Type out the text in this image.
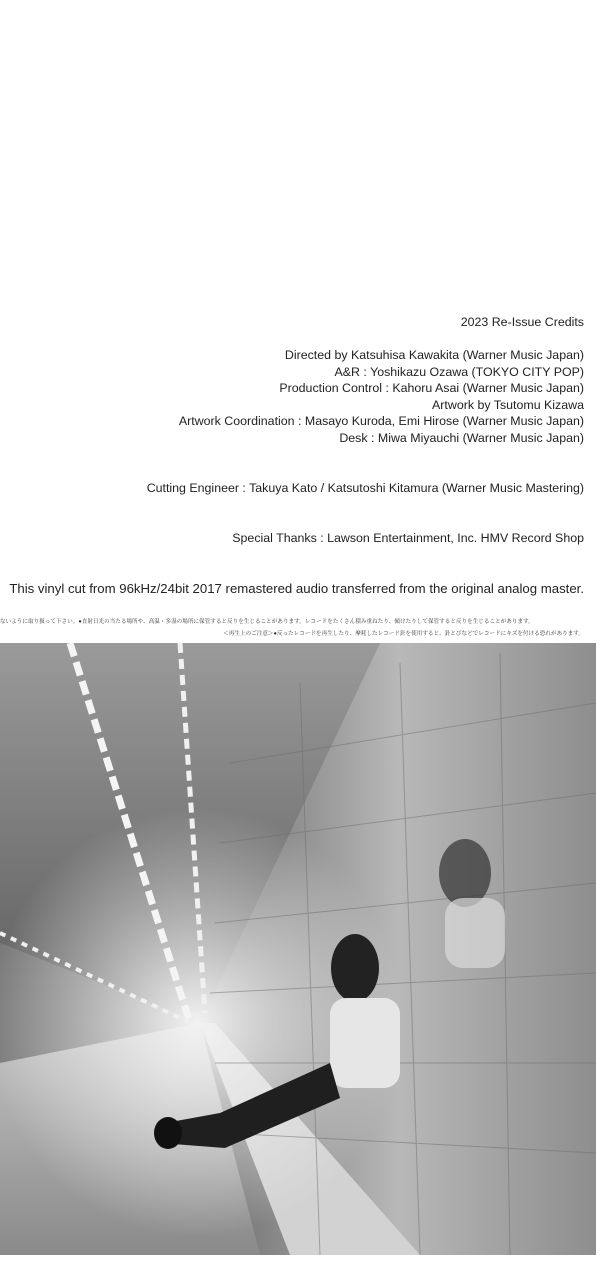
2023 Re-Issue Credits
Directed by Katsuhisa Kawakita (Warner Music Japan)
A&R : Yoshikazu Ozawa (TOKYO CITY POP)
Production Control : Kahoru Asai (Warner Music Japan)
Artwork by Tsutomu Kizawa
Artwork Coordination : Masayo Kuroda, Emi Hirose (Warner Music Japan)
Desk : Miwa Miyauchi (Warner Music Japan)
Cutting Engineer : Takuya Kato / Katsutoshi Kitamura (Warner Music Mastering)
Special Thanks : Lawson Entertainment, Inc. HMV Record Shop
This vinyl cut from 96kHz/24bit 2017 remastered audio transferred from the original analog master.
ないように取り扱って下さい。●直射日光の当たる場所や、高温・多湿の場所に保管すると反りを生じることがあります。レコードをたくさん積み重ねたり、傾けたりして保管すると反りを生じることがあります。
＜再生上のご注意＞●反ったレコードを再生したり、摩耗したレコード針を使用すると、針とびなどでレコードにキズを付ける恐れがあります。
